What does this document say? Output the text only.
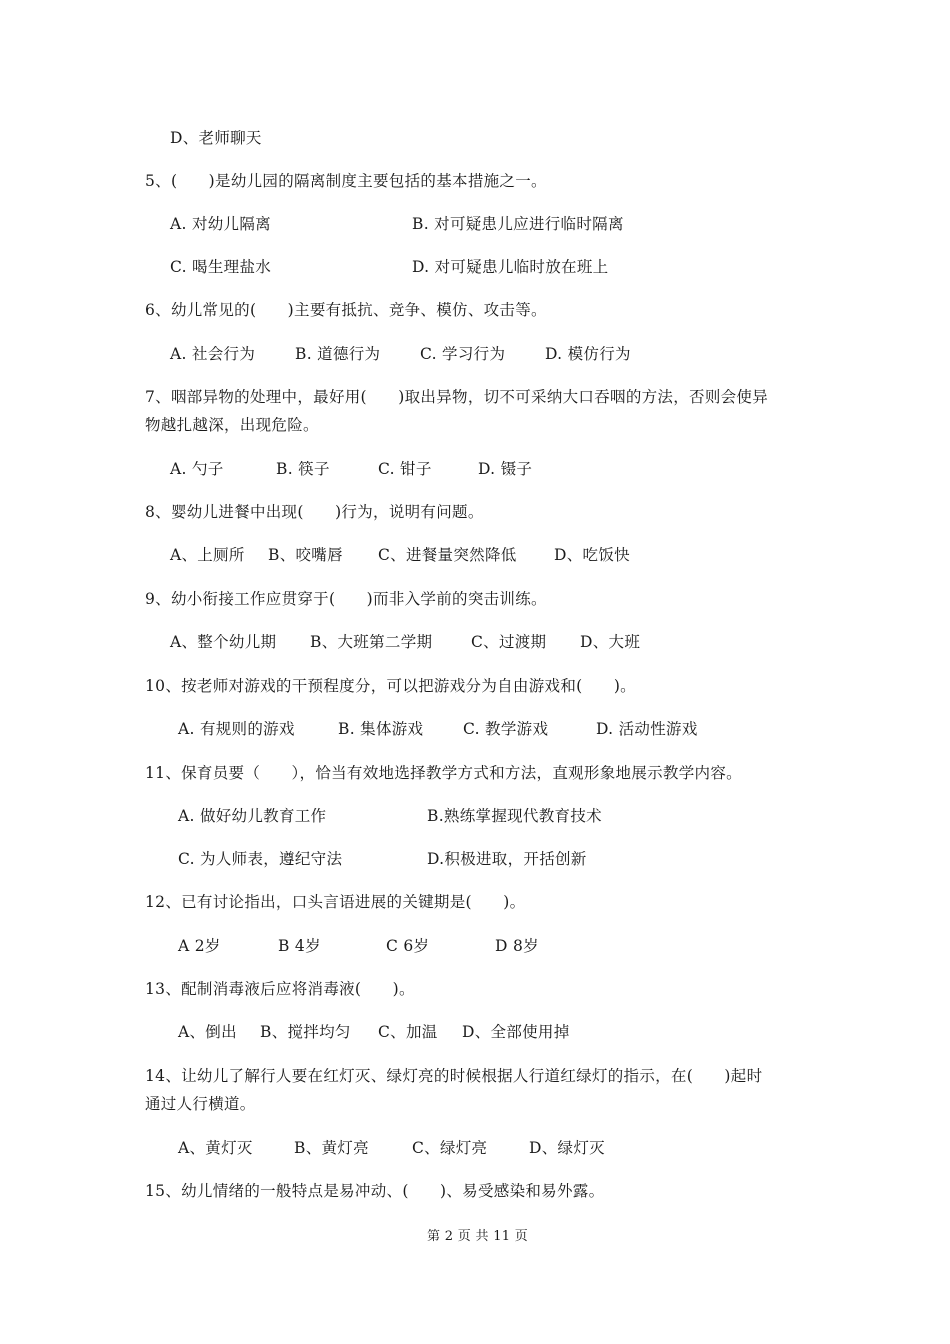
D、老师聊天
5、(      )是幼儿园的隔离制度主要包括的基本措施之一。
A. 对幼儿隔离	B. 对可疑患儿应进行临时隔离
C. 喝生理盐水	D. 对可疑患儿临时放在班上
6、幼儿常见的(      )主要有抵抗、竞争、模仿、攻击等。
A. 社会行为	B. 道德行为	C. 学习行为	D. 模仿行为
7、咽部异物的处理中，最好用(      )取出异物，切不可采纳大口吞咽的方法，否则会使异
物越扎越深，出现危险。
A. 勺子	B. 筷子	C. 钳子	D. 镊子
8、婴幼儿进餐中出现(      )行为，说明有问题。
A、上厕所 B、咬嘴唇 C、进餐量突然降低 D、吃饭快
9、幼小衔接工作应贯穿于(      )而非入学前的突击训练。
A、整个幼儿期 B、大班第二学期 C、过渡期 D、大班
10、按老师对游戏的干预程度分，可以把游戏分为自由游戏和(      )。
A. 有规则的游戏	B. 集体游戏	C. 教学游戏	D. 活动性游戏
11、保育员要（      ），恰当有效地选择教学方式和方法，直观形象地展示教学内容。
A. 做好幼儿教育工作	B.熟练掌握现代教育技术
C. 为人师表，遵纪守法	D.积极进取，开括创新
12、已有讨论指出，口头言语进展的关键期是(      )。
A 2岁	B 4岁	C 6岁	D 8岁
13、配制消毒液后应将消毒液(      )。
A、倒出 B、搅拌均匀 C、加温 D、全部使用掉
14、让幼儿了解行人要在红灯灭、绿灯亮的时候根据人行道红绿灯的指示，在(      )起时
通过人行横道。
A、黄灯灭	B、黄灯亮	C、绿灯亮	D、绿灯灭
15、幼儿情绪的一般特点是易冲动、(      )、易受感染和易外露。
第 2 页 共 11 页
